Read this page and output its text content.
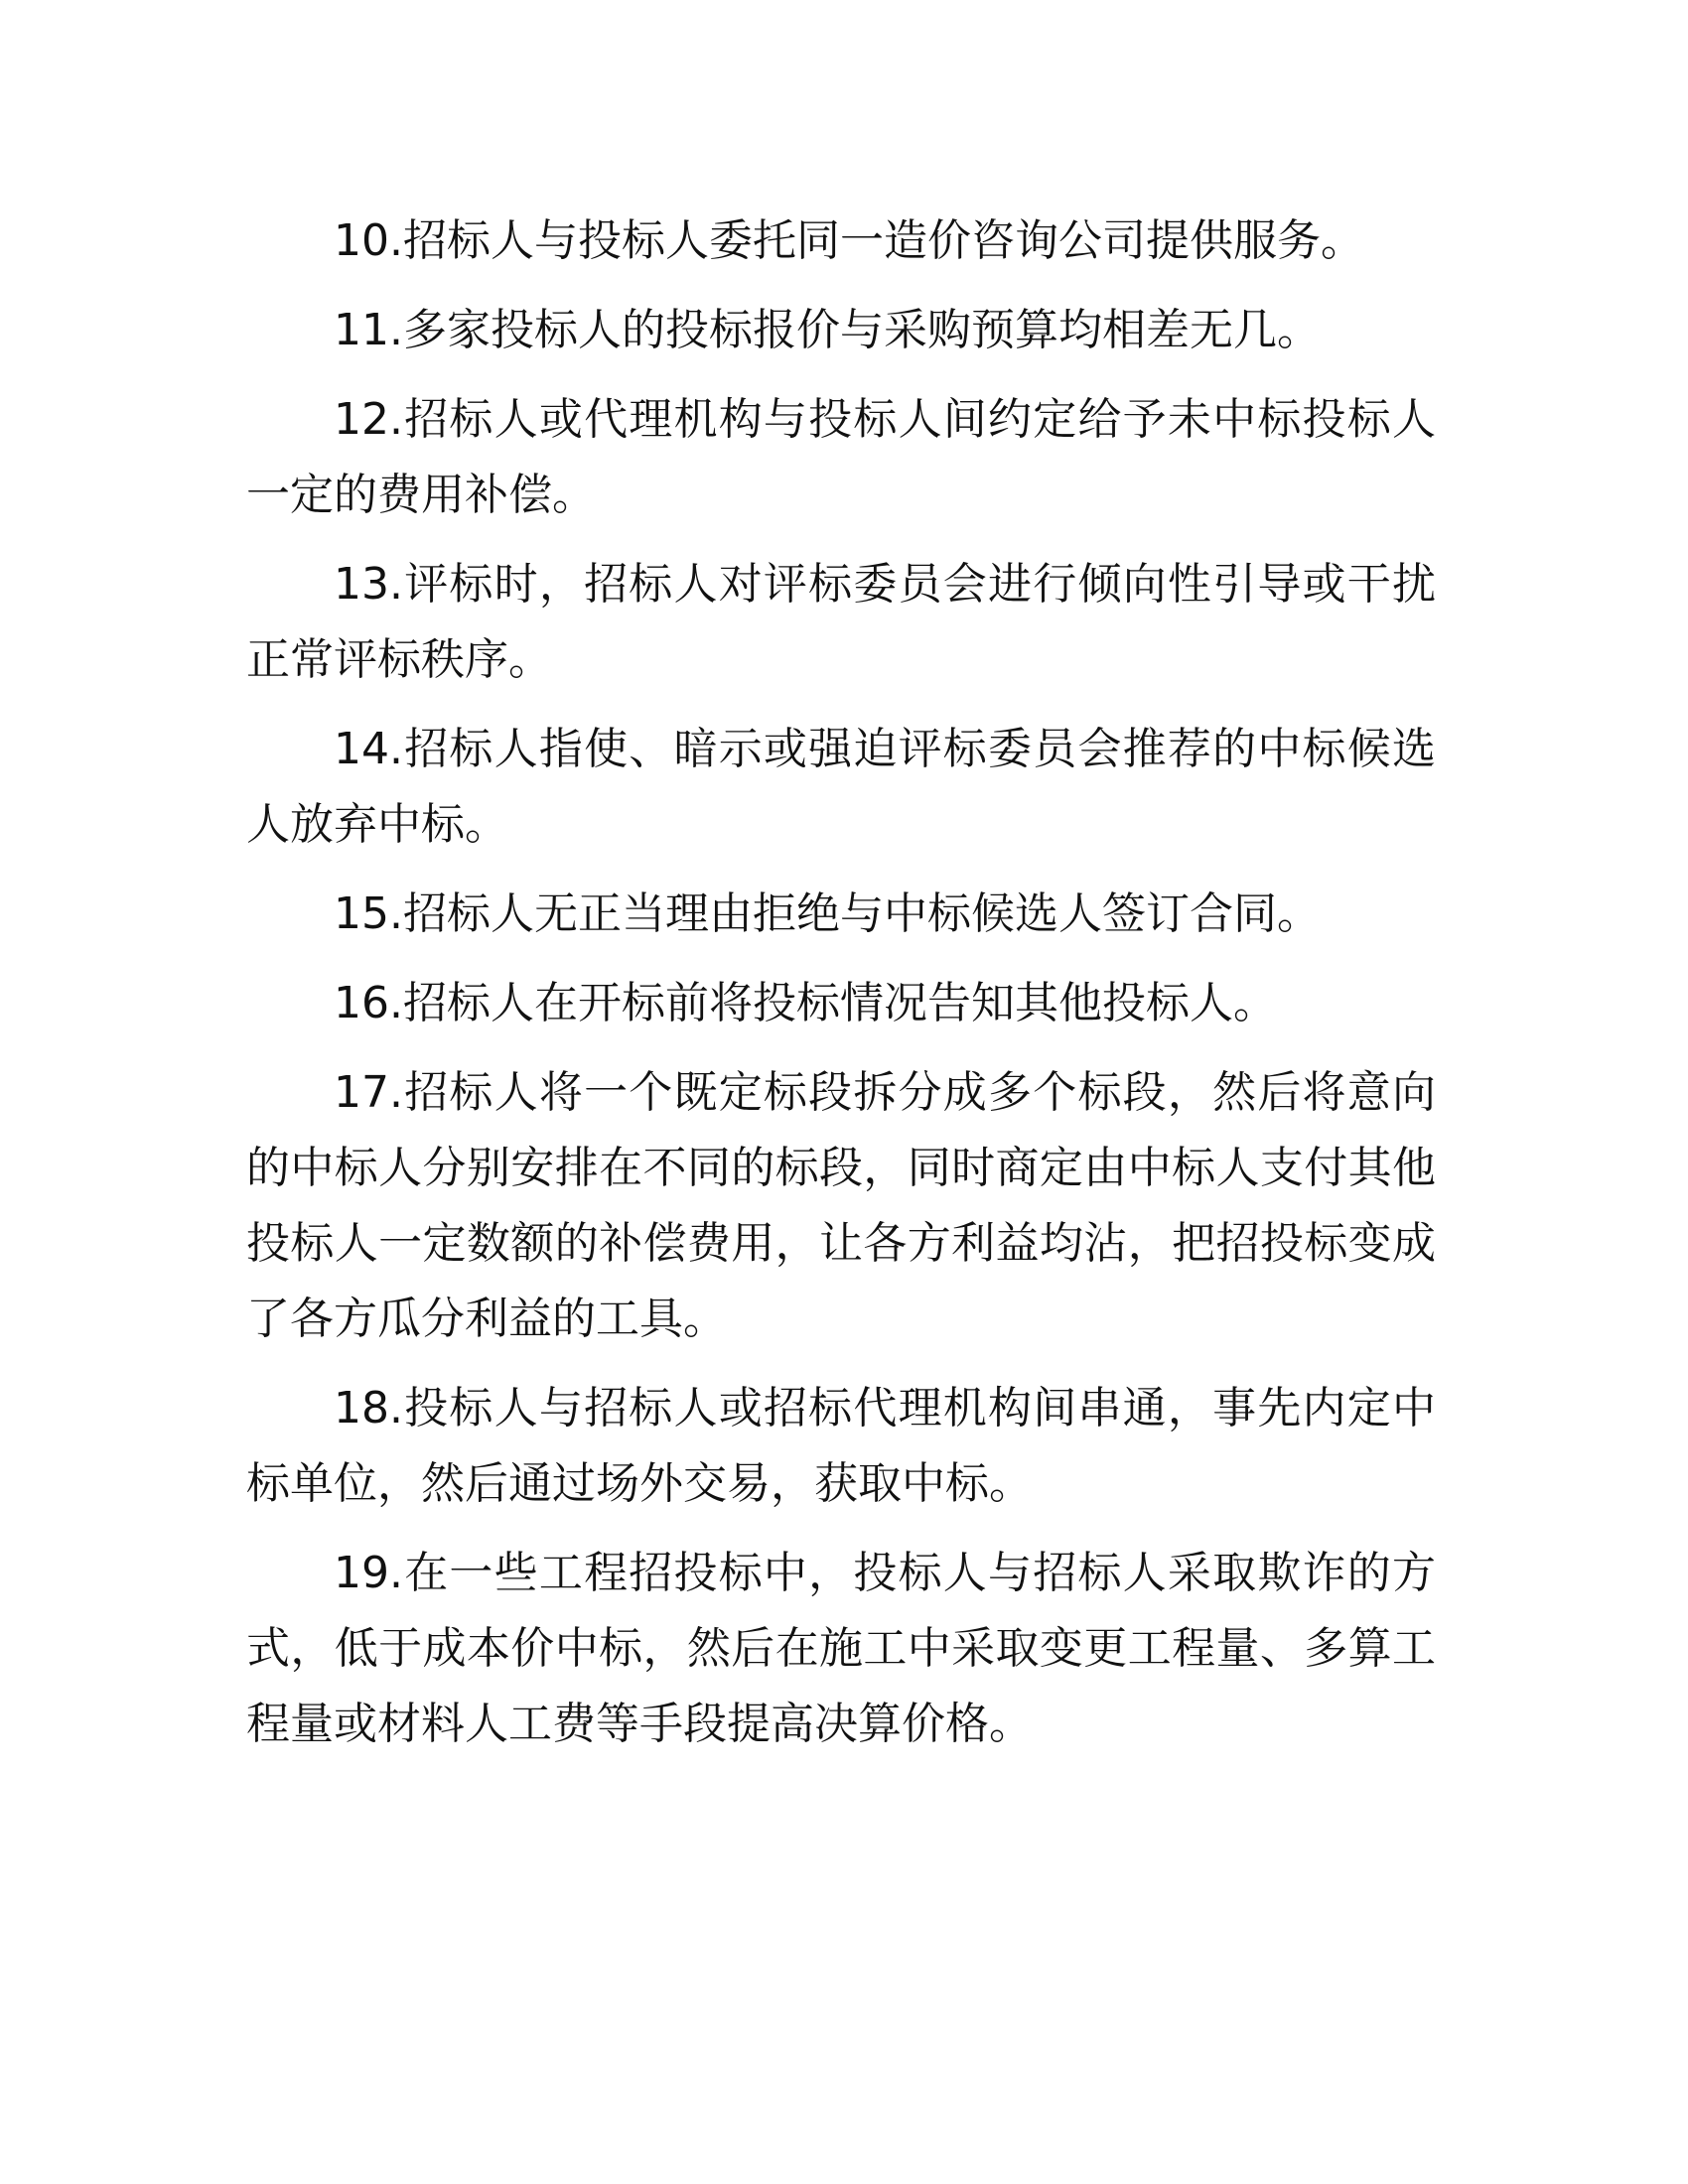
10.招标人与投标人委托同一造价咨询公司提供服务。

11.多家投标人的投标报价与采购预算均相差无几。

12.招标人或代理机构与投标人间约定给予未中标投标人一定的费用补偿。

13.评标时，招标人对评标委员会进行倾向性引导或干扰正常评标秩序。

14.招标人指使、暗示或强迫评标委员会推荐的中标候选人放弃中标。

15.招标人无正当理由拒绝与中标候选人签订合同。

16.招标人在开标前将投标情况告知其他投标人。

17.招标人将一个既定标段拆分成多个标段，然后将意向的中标人分别安排在不同的标段，同时商定由中标人支付其他投标人一定数额的补偿费用，让各方利益均沾，把招投标变成了各方瓜分利益的工具。

18.投标人与招标人或招标代理机构间串通，事先内定中标单位，然后通过场外交易，获取中标。

19.在一些工程招投标中，投标人与招标人采取欺诈的方式，低于成本价中标，然后在施工中采取变更工程量、多算工程量或材料人工费等手段提高决算价格。
